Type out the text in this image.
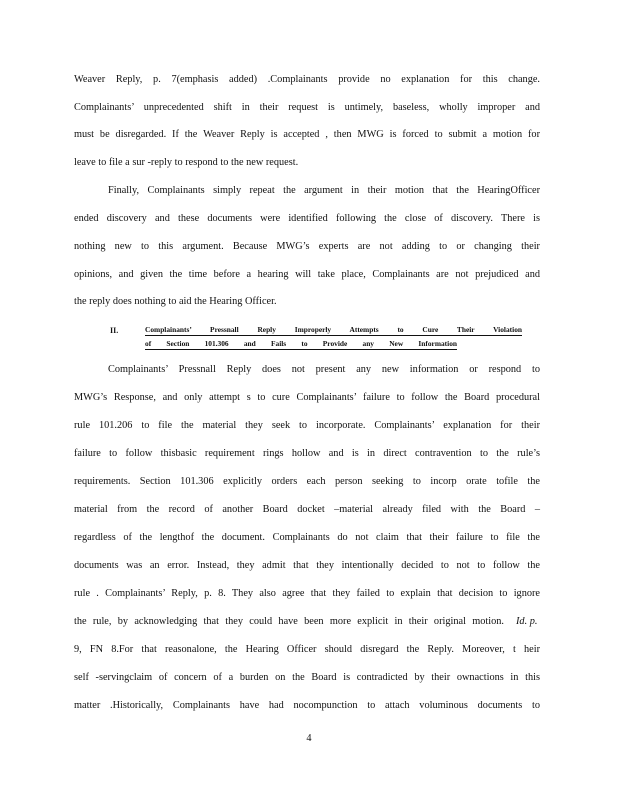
Weaver Reply, p. 7(emphasis added) .Complainants provide no explanation for this change.
Complainants’ unprecedented shift in their request is untimely, baseless, wholly improper and
must be disregarded. If the Weaver Reply is accepted , then MWG is forced to submit a motion for
leave to file a sur -reply to respond to the new request.
Finally, Complainants simply repeat the argument in their motion that the HearingOfficer
ended discovery and these documents were identified following the close of discovery. There is
nothing new to this argument. Because MWG’s experts are not adding to or changing their
opinions, and given the time before a hearing will take place, Complainants are not prejudiced and
the reply does nothing to aid the Hearing Officer.
II.	Complainants’ Pressnall Reply Improperly Attempts to Cure Their Violation
of Section 101.306 and Fails to Provide any New Information
Complainants’ Pressnall Reply does not present any new information or respond to
MWG’s Response, and only attempt s to cure Complainants’ failure to follow the Board procedural
rule 101.206 to file the material they seek to incorporate. Complainants’ explanation for their
failure to follow thisbasic requirement rings hollow and is in direct contravention to the rule’s
requirements. Section 101.306 explicitly orders each person seeking to incorp orate tofile the
material from the record of another Board docket –material already filed with the Board –
regardless of the lengthof the document. Complainants do not claim that their failure to file the
documents was an error. Instead, they admit that they intentionally decided to not to follow the
rule . Complainants’ Reply, p. 8. They also agree that they failed to explain that decision to ignore
the rule, by acknowledging that they could have been more explicit in their original motion. Id. p.
9, FN 8.For that reasonalone, the Hearing Officer should disregard the Reply. Moreover, t heir
self -servingclaim of concern of a burden on the Board is contradicted by their ownactions in this
matter .Historically, Complainants have had nocompunction to attach voluminous documents to
4
